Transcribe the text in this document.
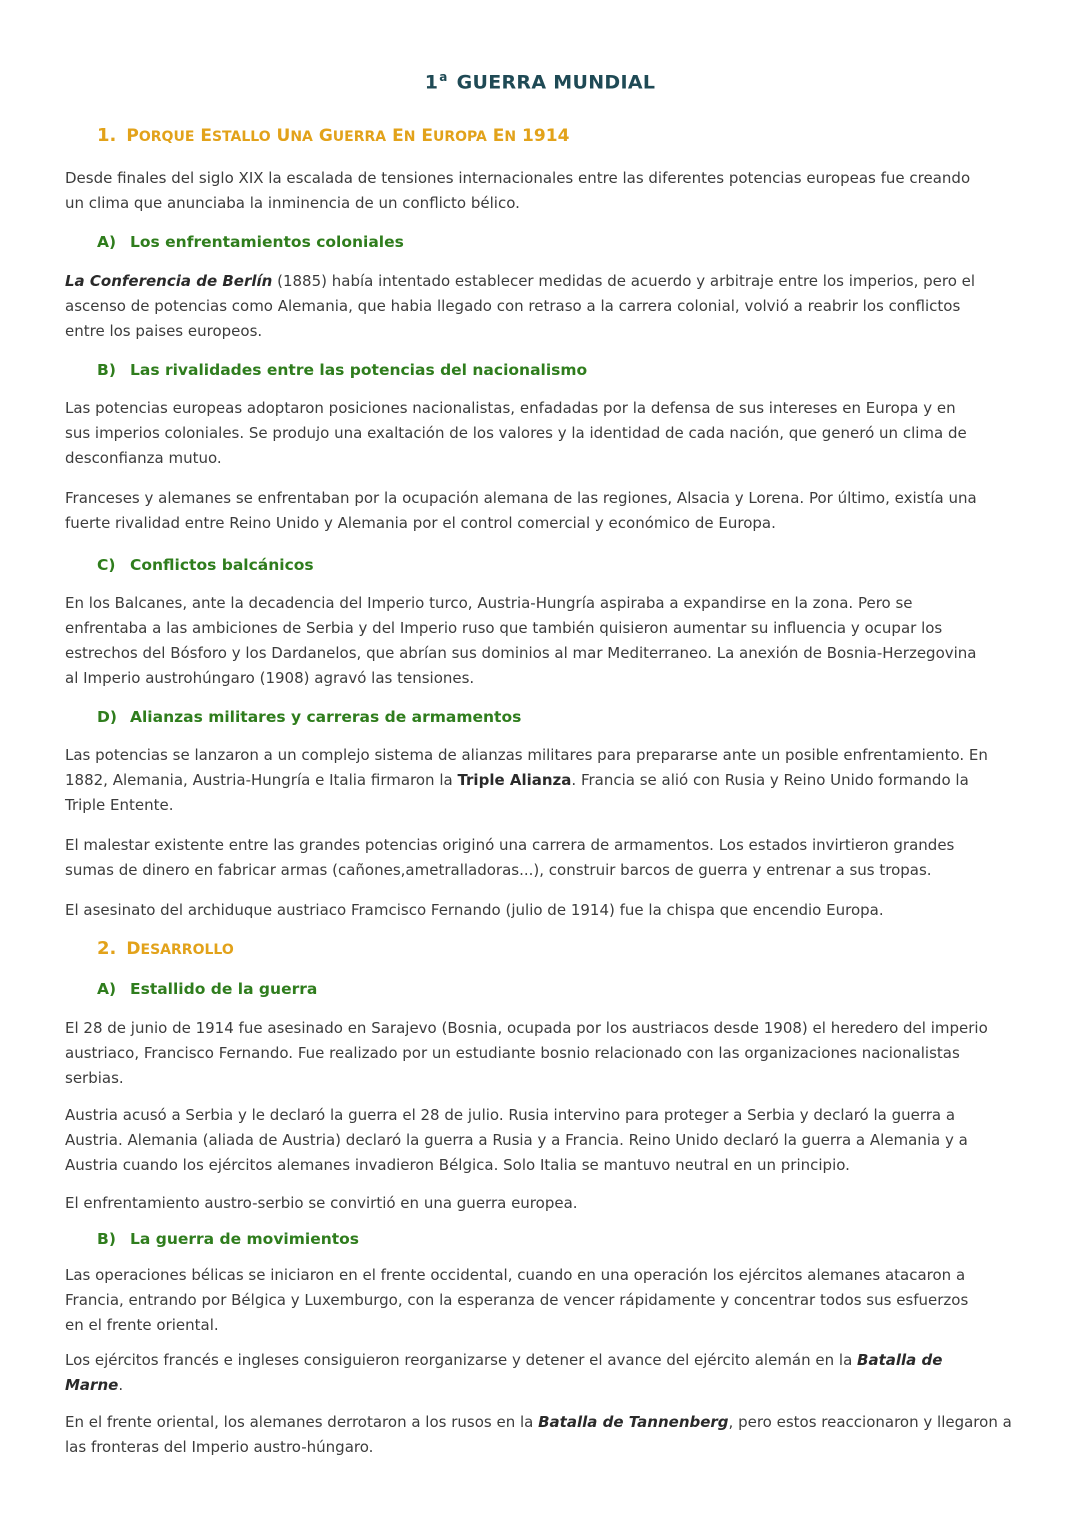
1$^a$ GUERRA MUNDIAL
1. PORQUE ESTALLO UNA GUERRA EN EUROPA EN 1914
Desde finales del siglo XIX la escalada de tensiones internacionales entre las diferentes potencias europeas fue creando
un clima que anunciaba la inminencia de un conflicto bélico.
A) Los enfrentamientos coloniales
La Conferencia de Berlín (1885) había intentado establecer medidas de acuerdo y arbitraje entre los imperios, pero el
ascenso de potencias como Alemania, que habia llegado con retraso a la carrera colonial, volvió a reabrir los conflictos
entre los paises europeos.
B) Las rivalidades entre las potencias del nacionalismo
Las potencias europeas adoptaron posiciones nacionalistas, enfadadas por la defensa de sus intereses en Europa y en
sus imperios coloniales. Se produjo una exaltación de los valores y la identidad de cada nación, que generó un clima de
desconfianza mutuo.
Franceses y alemanes se enfrentaban por la ocupación alemana de las regiones, Alsacia y Lorena. Por último, existía una
fuerte rivalidad entre Reino Unido y Alemania por el control comercial y económico de Europa.
C) Conflictos balcánicos
En los Balcanes, ante la decadencia del Imperio turco, Austria-Hungría aspiraba a expandirse en la zona. Pero se
enfrentaba a las ambiciones de Serbia y del Imperio ruso que también quisieron aumentar su influencia y ocupar los
estrechos del Bósforo y los Dardanelos, que abrían sus dominios al mar Mediterraneo. La anexión de Bosnia-Herzegovina
al Imperio austrohúngaro (1908) agravó las tensiones.
D) Alianzas militares y carreras de armamentos
Las potencias se lanzaron a un complejo sistema de alianzas militares para prepararse ante un posible enfrentamiento. En
1882, Alemania, Austria-Hungría e Italia firmaron la Triple Alianza. Francia se alió con Rusia y Reino Unido formando la
Triple Entente.
El malestar existente entre las grandes potencias originó una carrera de armamentos. Los estados invirtieron grandes
sumas de dinero en fabricar armas (cañones,ametralladoras...), construir barcos de guerra y entrenar a sus tropas.
El asesinato del archiduque austriaco Framcisco Fernando (julio de 1914) fue la chispa que encendio Europa.
2. DESARROLLO
A) Estallido de la guerra
El 28 de junio de 1914 fue asesinado en Sarajevo (Bosnia, ocupada por los austriacos desde 1908) el heredero del imperio
austriaco, Francisco Fernando. Fue realizado por un estudiante bosnio relacionado con las organizaciones nacionalistas
serbias.
Austria acusó a Serbia y le declaró la guerra el 28 de julio. Rusia intervino para proteger a Serbia y declaró la guerra a
Austria. Alemania (aliada de Austria) declaró la guerra a Rusia y a Francia. Reino Unido declaró la guerra a Alemania y a
Austria cuando los ejércitos alemanes invadieron Bélgica. Solo Italia se mantuvo neutral en un principio.
El enfrentamiento austro-serbio se convirtió en una guerra europea.
B) La guerra de movimientos
Las operaciones bélicas se iniciaron en el frente occidental, cuando en una operación los ejércitos alemanes atacaron a
Francia, entrando por Bélgica y Luxemburgo, con la esperanza de vencer rápidamente y concentrar todos sus esfuerzos
en el frente oriental.
Los ejércitos francés e ingleses consiguieron reorganizarse y detener el avance del ejército alemán en la Batalla de
Marne.
En el frente oriental, los alemanes derrotaron a los rusos en la Batalla de Tannenberg, pero estos reaccionaron y llegaron a
las fronteras del Imperio austro-húngaro.
